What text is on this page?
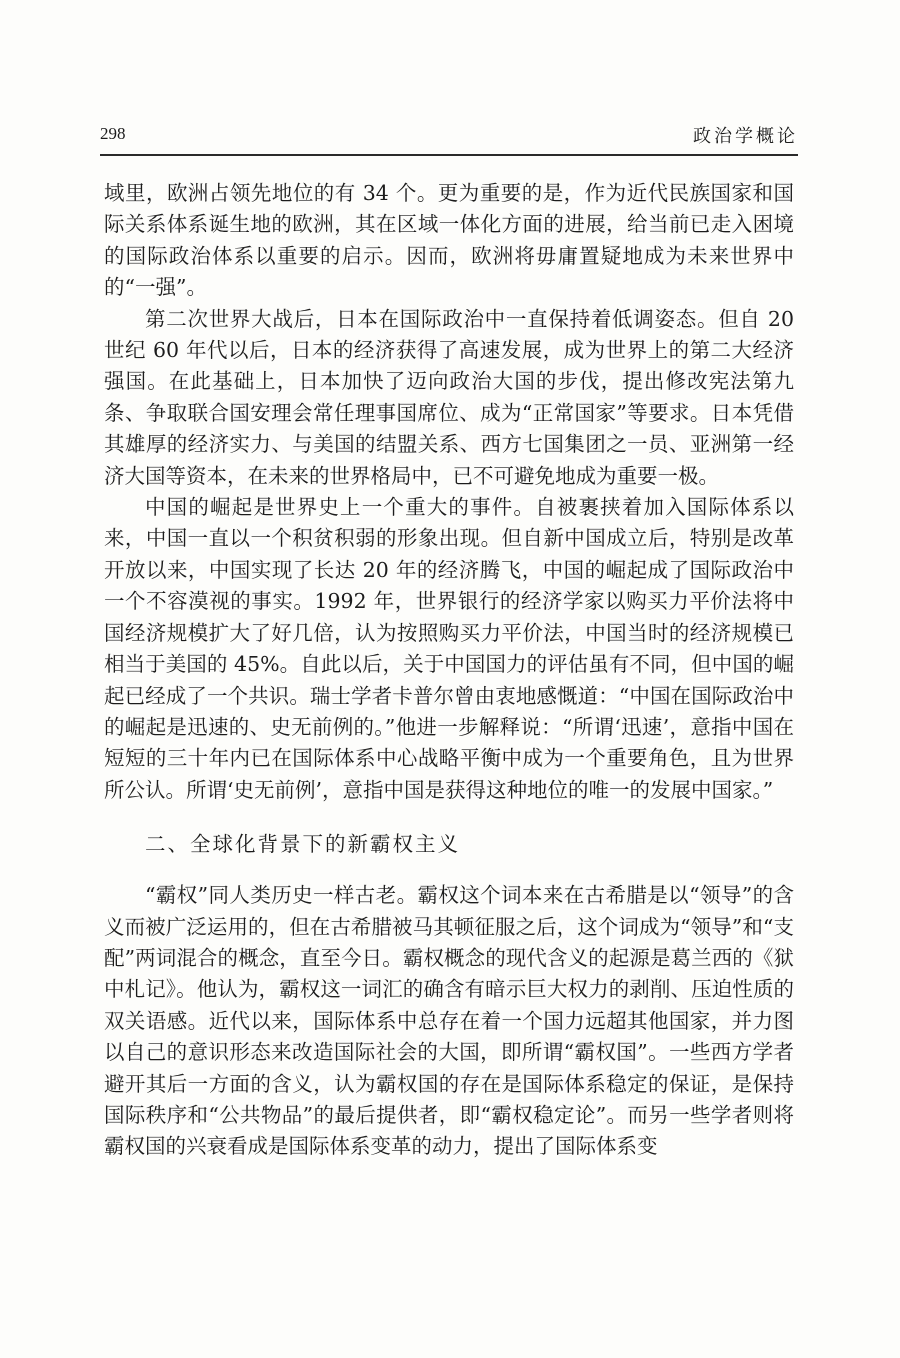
298	政治学概论

域里，欧洲占领先地位的有 34 个。更为重要的是，作为近代民族国家和国际关系体系诞生地的欧洲，其在区域一体化方面的进展，给当前已走入困境的国际政治体系以重要的启示。因而，欧洲将毋庸置疑地成为未来世界中的“一强”。

第二次世界大战后，日本在国际政治中一直保持着低调姿态。但自 20 世纪 60 年代以后，日本的经济获得了高速发展，成为世界上的第二大经济强国。在此基础上，日本加快了迈向政治大国的步伐，提出修改宪法第九条、争取联合国安理会常任理事国席位、成为“正常国家”等要求。日本凭借其雄厚的经济实力、与美国的结盟关系、西方七国集团之一员、亚洲第一经济大国等资本，在未来的世界格局中，已不可避免地成为重要一极。

中国的崛起是世界史上一个重大的事件。自被裹挟着加入国际体系以来，中国一直以一个积贫积弱的形象出现。但自新中国成立后，特别是改革开放以来，中国实现了长达 20 年的经济腾飞，中国的崛起成了国际政治中一个不容漠视的事实。1992 年，世界银行的经济学家以购买力平价法将中国经济规模扩大了好几倍，认为按照购买力平价法，中国当时的经济规模已相当于美国的 45%。自此以后，关于中国国力的评估虽有不同，但中国的崛起已经成了一个共识。瑞士学者卡普尔曾由衷地感慨道：“中国在国际政治中的崛起是迅速的、史无前例的。”他进一步解释说：“所谓‘迅速’，意指中国在短短的三十年内已在国际体系中心战略平衡中成为一个重要角色，且为世界所公认。所谓‘史无前例’，意指中国是获得这种地位的唯一的发展中国家。”

二、全球化背景下的新霸权主义

“霸权”同人类历史一样古老。霸权这个词本来在古希腊是以“领导”的含义而被广泛运用的，但在古希腊被马其顿征服之后，这个词成为“领导”和“支配”两词混合的概念，直至今日。霸权概念的现代含义的起源是葛兰西的《狱中札记》。他认为，霸权这一词汇的确含有暗示巨大权力的剥削、压迫性质的双关语感。近代以来，国际体系中总存在着一个国力远超其他国家，并力图以自己的意识形态来改造国际社会的大国，即所谓“霸权国”。一些西方学者避开其后一方面的含义，认为霸权国的存在是国际体系稳定的保证，是保持国际秩序和“公共物品”的最后提供者，即“霸权稳定论”。而另一些学者则将霸权国的兴衰看成是国际体系变革的动力，提出了国际体系变
